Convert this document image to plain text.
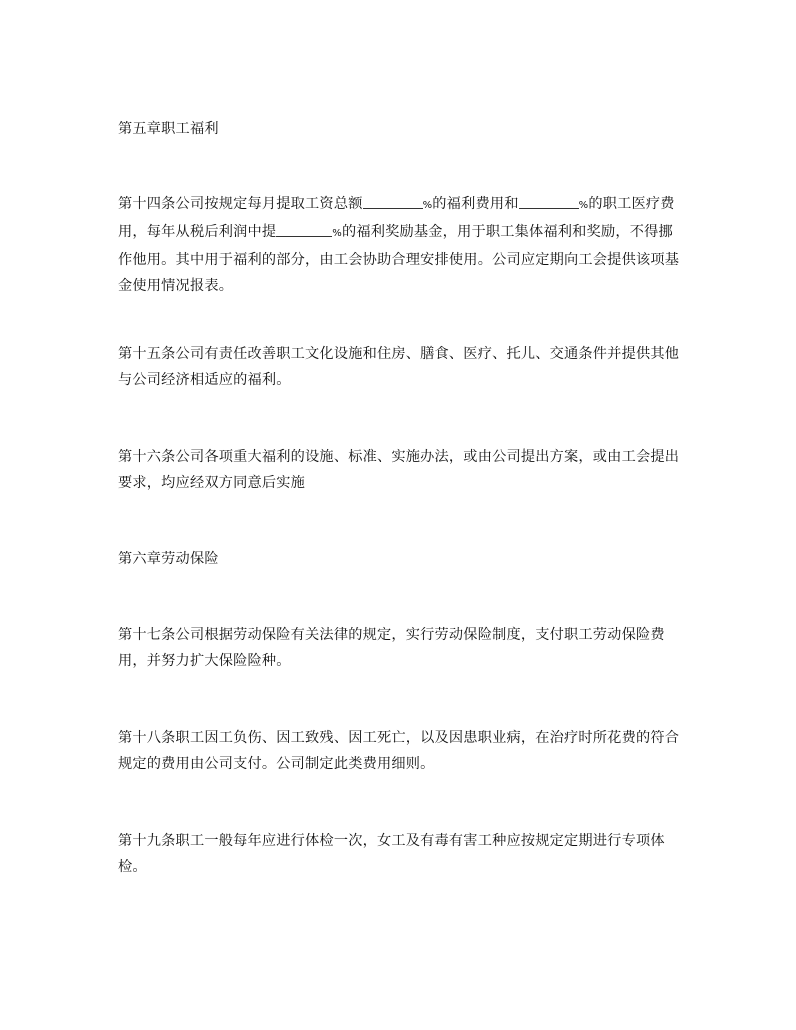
第五章职工福利

第十四条公司按规定每月提取工资总额	%的福利费用和	%的职工医疗费用，每年从税后利润中提	%的福利奖励基金，用于职工集体福利和奖励，不得挪作他用。其中用于福利的部分，由工会协助合理安排使用。公司应定期向工会提供该项基金使用情况报表。

第十五条公司有责任改善职工文化设施和住房、膳食、医疗、托儿、交通条件并提供其他与公司经济相适应的福利。

第十六条公司各项重大福利的设施、标准、实施办法，或由公司提出方案，或由工会提出要求，均应经双方同意后实施

第六章劳动保险

第十七条公司根据劳动保险有关法律的规定，实行劳动保险制度，支付职工劳动保险费用，并努力扩大保险险种。

第十八条职工因工负伤、因工致残、因工死亡，以及因患职业病，在治疗时所花费的符合规定的费用由公司支付。公司制定此类费用细则。

第十九条职工一般每年应进行体检一次，女工及有毒有害工种应按规定定期进行专项体检。
